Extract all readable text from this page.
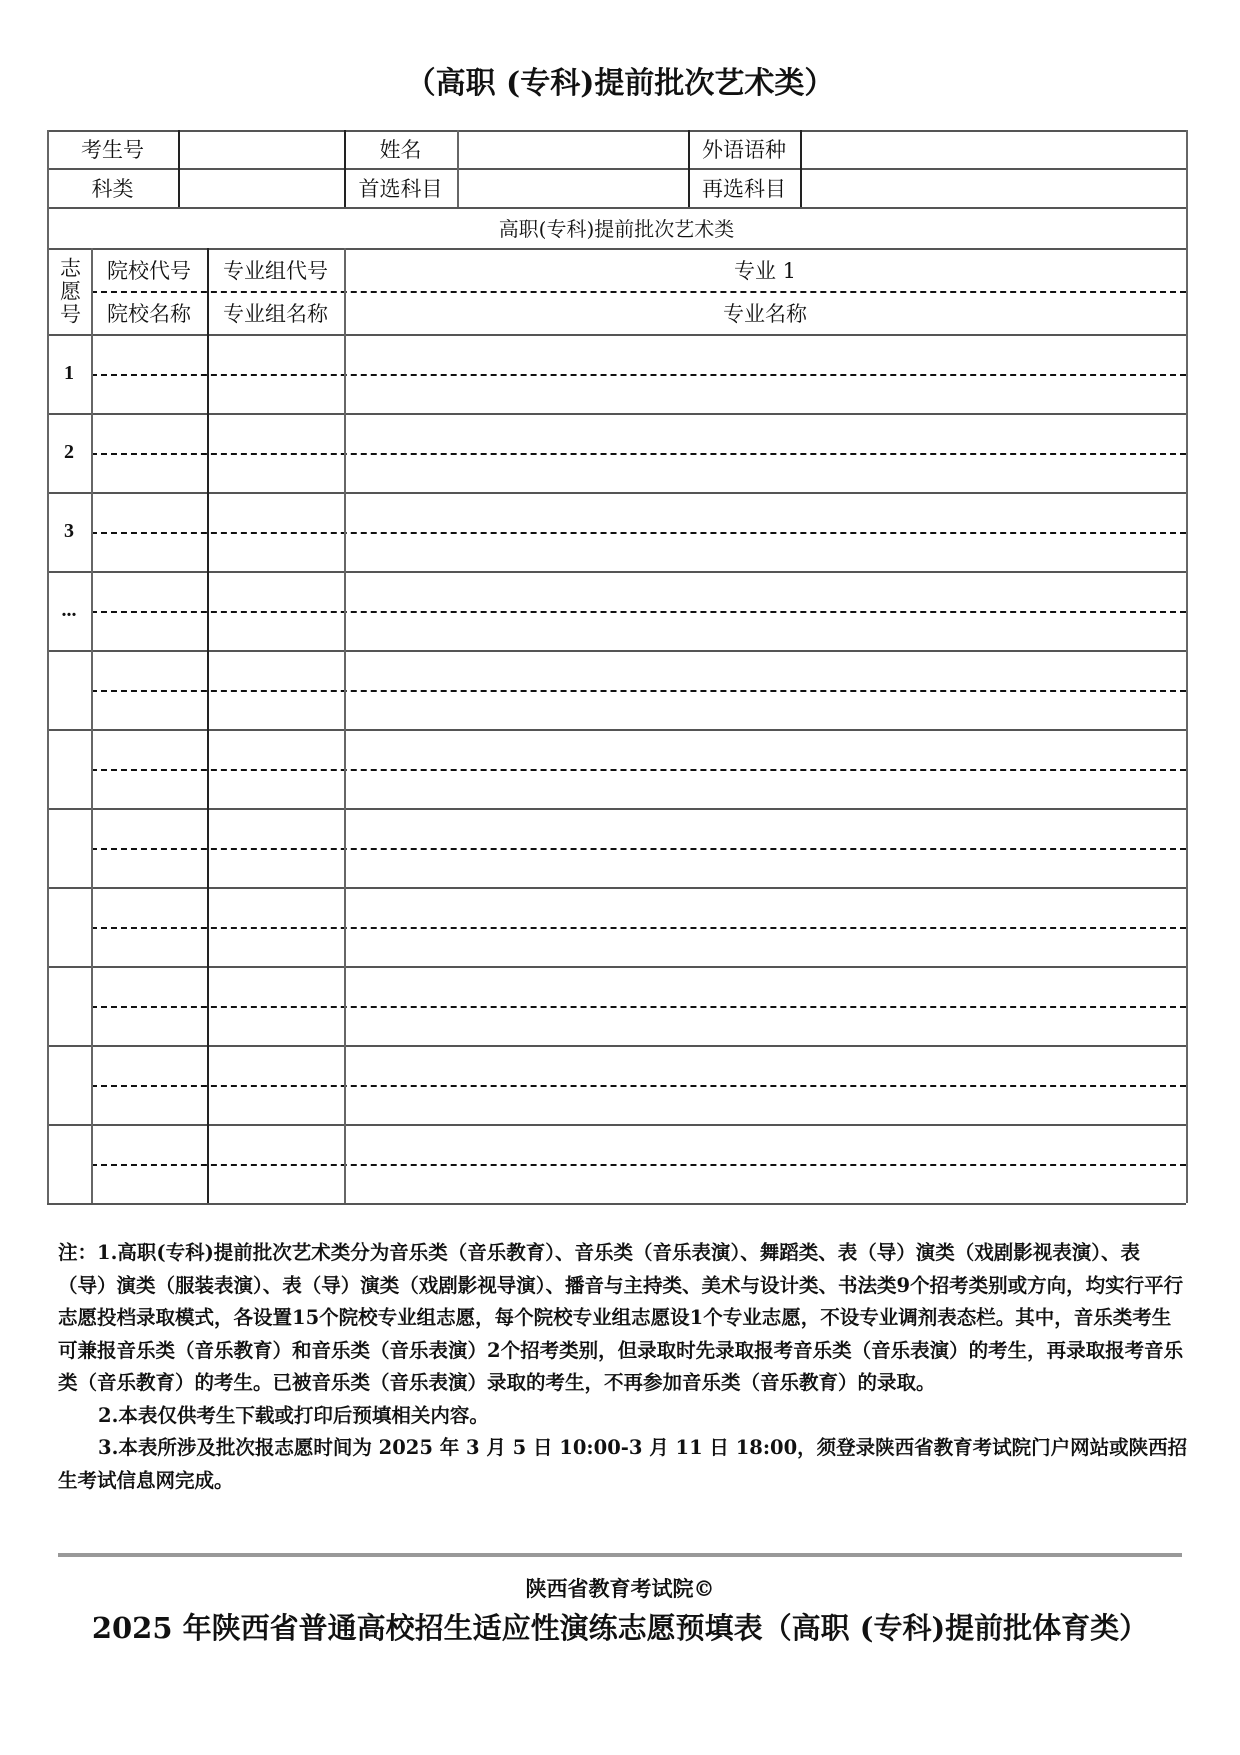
（高职 (专科)提前批次艺术类）
考生号	姓名	外语语种
科类	首选科目	再选科目
高职(专科)提前批次艺术类
志愿号	院校代号	专业组代号	专业 1
院校名称	专业组名称	专业名称
1
2
3
...

注：1.高职(专科)提前批次艺术类分为音乐类（音乐教育）、音乐类（音乐表演）、舞蹈类、表（导）演类（戏剧影视表演）、表（导）演类（服装表演）、表（导）演类（戏剧影视导演）、播音与主持类、美术与设计类、书法类9个招考类别或方向，均实行平行志愿投档录取模式，各设置15个院校专业组志愿，每个院校专业组志愿设1个专业志愿，不设专业调剂表态栏。其中，音乐类考生可兼报音乐类（音乐教育）和音乐类（音乐表演）2个招考类别，但录取时先录取报考音乐类（音乐表演）的考生，再录取报考音乐类（音乐教育）的考生。已被音乐类（音乐表演）录取的考生，不再参加音乐类（音乐教育）的录取。

2.本表仅供考生下载或打印后预填相关内容。

3.本表所涉及批次报志愿时间为 2025 年 3 月 5 日 10:00-3 月 11 日 18:00，须登录陕西省教育考试院门户网站或陕西招生考试信息网完成。

陕西省教育考试院©
2025 年陕西省普通高校招生适应性演练志愿预填表（高职 (专科)提前批体育类）
